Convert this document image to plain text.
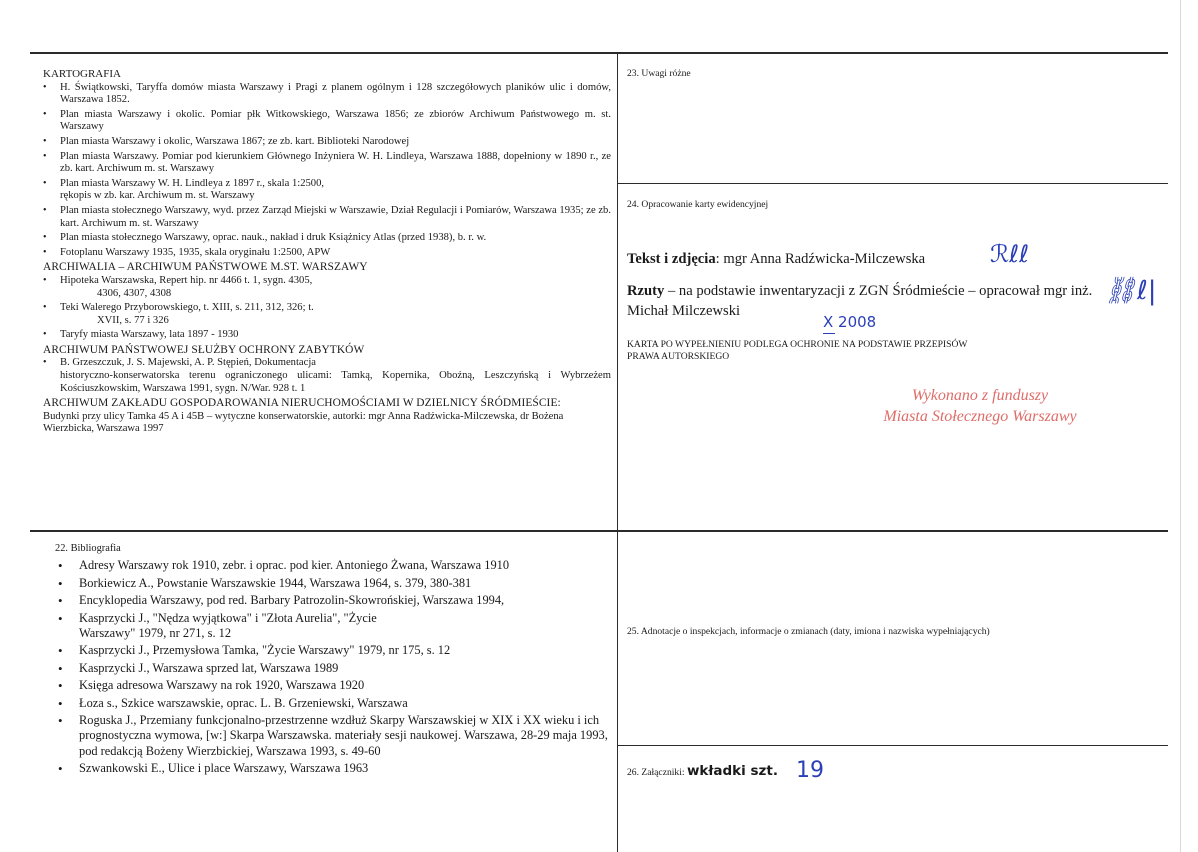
KARTOGRAFIA
• H. Świątkowski, Taryffa domów miasta Warszawy i Pragi z planem ogólnym i 128 szczegółowych planików ulic i domów, Warszawa 1852.
• Plan miasta Warszawy i okolic. Pomiar płk Witkowskiego, Warszawa 1856; ze zbiorów Archiwum Państwowego m. st. Warszawy
• Plan miasta Warszawy i okolic, Warszawa 1867; ze zb. kart. Biblioteki Narodowej
• Plan miasta Warszawy. Pomiar pod kierunkiem Głównego Inżyniera W. H. Lindleya, Warszawa 1888, dopełniony w 1890 r., ze zb. kart. Archiwum m. st. Warszawy
• Plan miasta Warszawy W. H. Lindleya z 1897 r., skala 1:2500,
rękopis w zb. kar. Archiwum m. st. Warszawy
• Plan miasta stołecznego Warszawy, wyd. przez Zarząd Miejski w Warszawie, Dział Regulacji i Pomiarów, Warszawa 1935; ze zb. kart. Archiwum m. st. Warszawy
• Plan miasta stołecznego Warszawy, oprac. nauk., nakład i druk Książnicy Atlas (przed 1938), b. r. w.
• Fotoplanu Warszawy 1935, 1935, skala oryginału 1:2500, APW
ARCHIWALIA – ARCHIWUM PAŃSTWOWE M.ST. WARSZAWY
• Hipoteka Warszawska, Repert hip. nr 4466 t. 1, sygn. 4305,
4306, 4307, 4308
• Teki Walerego Przyborowskiego, t. XIII, s. 211, 312, 326; t.
XVII, s. 77 i 326
• Taryfy miasta Warszawy, lata 1897 - 1930
ARCHIWUM PAŃSTWOWEJ SŁUŻBY OCHRONY ZABYTKÓW
• B. Grzeszczuk, J. S. Majewski, A. P. Stępień, Dokumentacja
historyczno-konserwatorska terenu ograniczonego ulicami: Tamką, Kopernika, Oboźną, Leszczyńską i Wybrzeżem Kościuszkowskim, Warszawa 1991, sygn. N/War. 928 t. 1
ARCHIWUM ZAKŁADU GOSPODAROWANIA NIERUCHOMOŚCIAMI W DZIELNICY ŚRÓDMIEŚCIE:
Budynki przy ulicy Tamka 45 A i 45B – wytyczne konserwatorskie, autorki: mgr Anna Radźwicka-Milczewska, dr Bożena Wierzbicka, Warszawa 1997
23. Uwagi różne
24. Opracowanie karty ewidencyjnej
Tekst i zdjęcia: mgr Anna Radźwicka-Milczewska	ℛℓℓ
Rzuty – na podstawie inwentaryzacji z ZGN Śródmieście – opracował mgr inż. Michał Milczewski
⛓ℓ|
X 2008
KARTA PO WYPEŁNIENIU PODLEGA OCHRONIE NA PODSTAWIE PRZEPISÓW
PRAWA AUTORSKIEGO
Wykonano z funduszy
Miasta Stołecznego Warszawy
22. Bibliografia
• Adresy Warszawy rok 1910, zebr. i oprac. pod kier. Antoniego Żwana, Warszawa 1910
• Borkiewicz A., Powstanie Warszawskie 1944, Warszawa 1964, s. 379, 380-381
• Encyklopedia Warszawy, pod red. Barbary Patrozolin-Skowrońskiej, Warszawa 1994,
• Kasprzycki J., "Nędza wyjątkowa" i "Złota Aurelia", "Życie Warszawy" 1979, nr 271, s. 12
• Kasprzycki J., Przemysłowa Tamka, "Życie Warszawy" 1979, nr 175, s. 12
• Kasprzycki J., Warszawa sprzed lat, Warszawa 1989
• Księga adresowa Warszawy na rok 1920, Warszawa 1920
• Łoza s., Szkice warszawskie, oprac. L. B. Grzeniewski, Warszawa
• Roguska J., Przemiany funkcjonalno-przestrzenne wzdłuż Skarpy Warszawskiej w XIX i XX wieku i ich prognostyczna wymowa, [w:] Skarpa Warszawska. materiały sesji naukowej. Warszawa, 28-29 maja 1993, pod redakcją Bożeny Wierzbickiej, Warszawa 1993, s. 49-60
• Szwankowski E., Ulice i place Warszawy, Warszawa 1963
25. Adnotacje o inspekcjach, informacje o zmianach (daty, imiona i nazwiska wypełniających)
26. Załączniki: wkładki szt. 19
